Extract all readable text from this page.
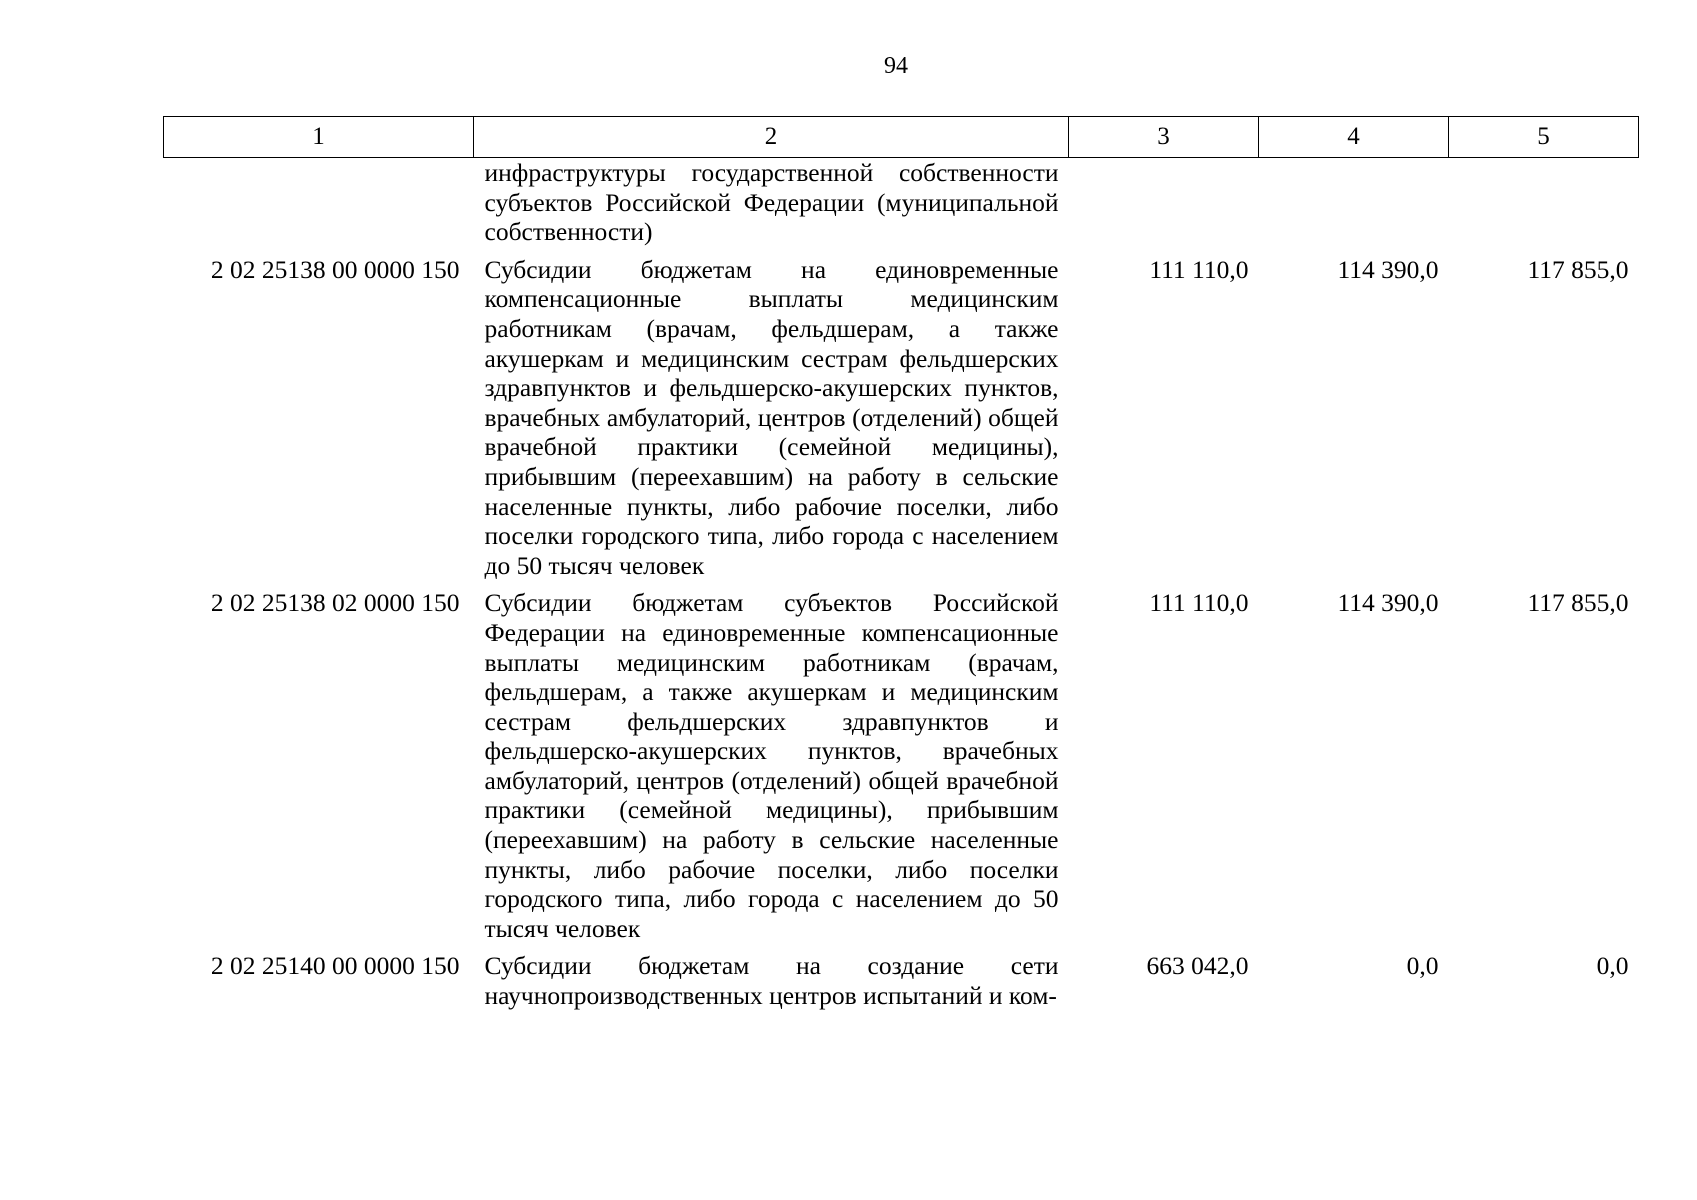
94
1	2	3	4	5
	инфраструктуры государственной собственности субъектов Российской Федерации (муниципальной собственности)			
2 02 25138 00 0000 150	Субсидии бюджетам на единовременные компенсационные выплаты медицинским работникам (врачам, фельдшерам, а также акушеркам и медицинским сестрам фельдшерских здравпунктов и фельдшерско-акушерских пунктов, врачебных амбулаторий, центров (отделений) общей врачебной практики (семейной медицины), прибывшим (переехавшим) на работу в сельские населенные пункты, либо рабочие поселки, либо поселки городского типа, либо города с населением до 50 тысяч человек	111 110,0	114 390,0	117 855,0
2 02 25138 02 0000 150	Субсидии бюджетам субъектов Российской Федерации на единовременные компенсационные выплаты медицинским работникам (врачам, фельдшерам, а также акушеркам и медицинским сестрам фельдшерских здравпунктов и фельдшерско-акушерских пунктов, врачебных амбулаторий, центров (отделений) общей врачебной практики (семейной медицины), прибывшим (переехавшим) на работу в сельские населенные пункты, либо рабочие поселки, либо поселки городского типа, либо города с населением до 50 тысяч человек	111 110,0	114 390,0	117 855,0
2 02 25140 00 0000 150	Субсидии бюджетам на создание сети научнопроизводственных центров испытаний и ком-	663 042,0	0,0	0,0
